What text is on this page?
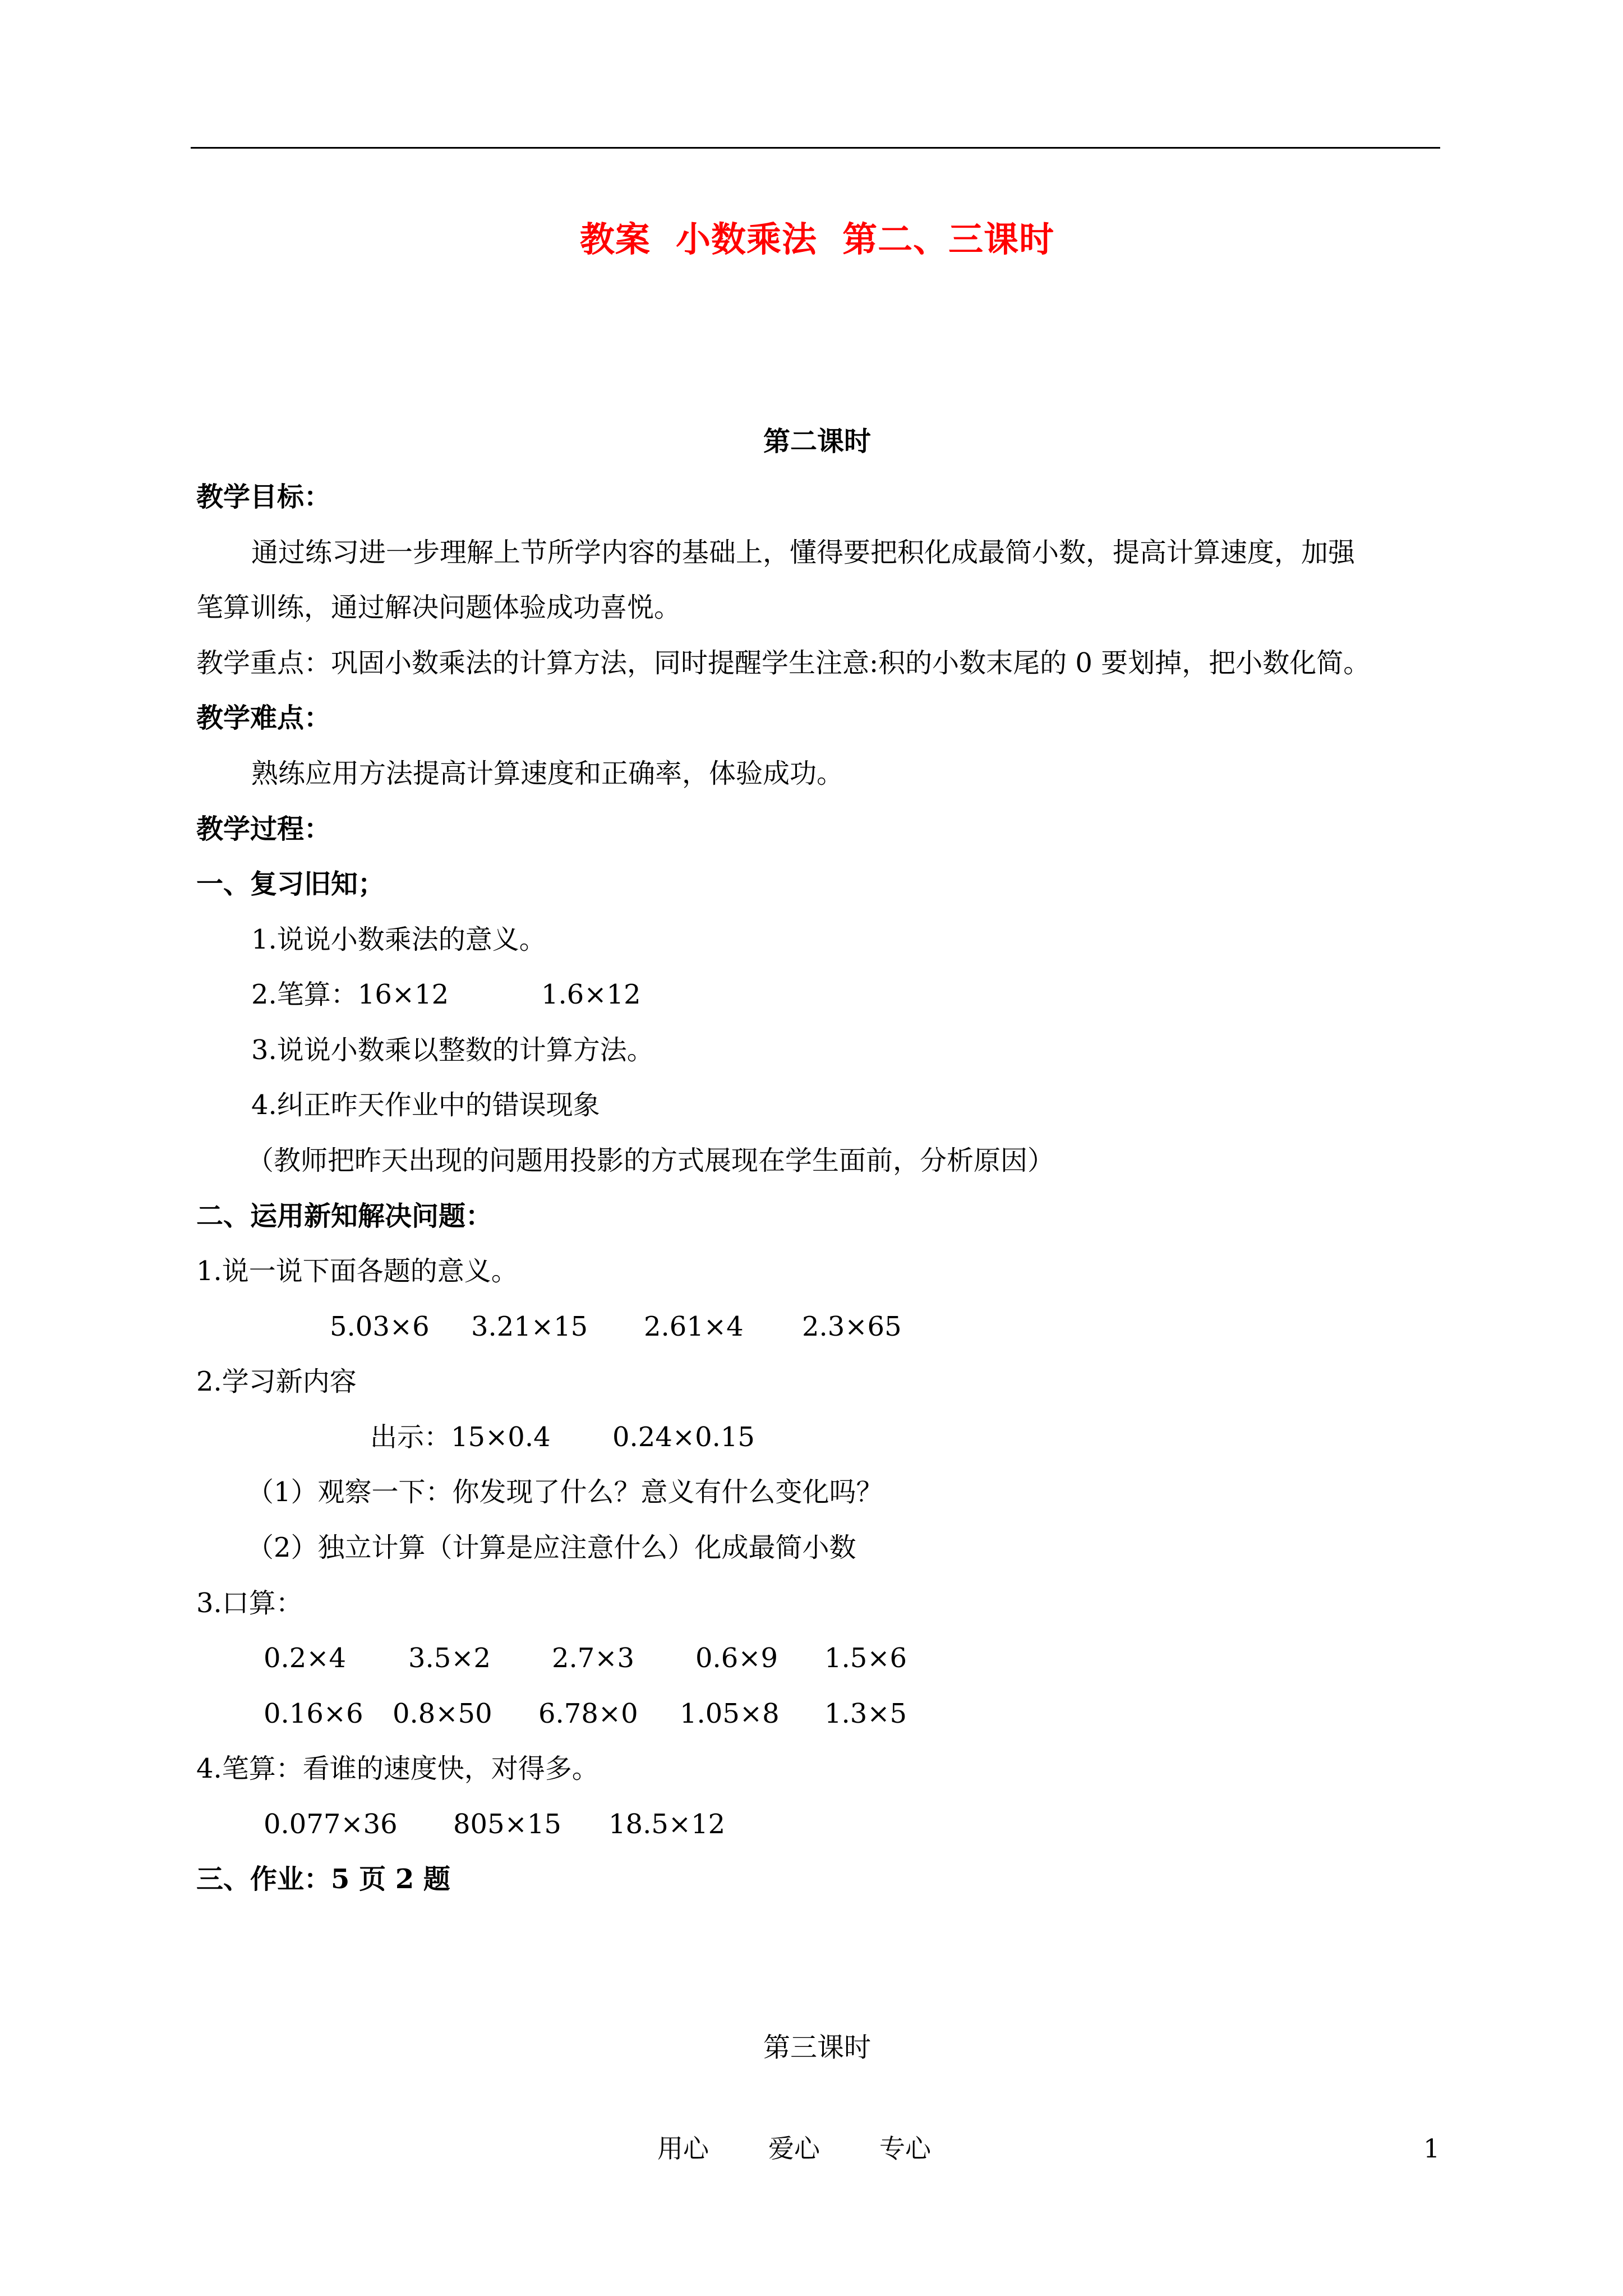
教案  小数乘法  第二、三课时
第二课时
教学目标：
通过练习进一步理解上节所学内容的基础上，懂得要把积化成最简小数，提高计算速度，加强
笔算训练，通过解决问题体验成功喜悦。
教学重点：巩固小数乘法的计算方法，同时提醒学生注意:积的小数末尾的 0 要划掉，把小数化简。
教学难点：
熟练应用方法提高计算速度和正确率，体验成功。
教学过程：
一、复习旧知；
1.说说小数乘法的意义。
2.笔算：16×12	1.6×12
3.说说小数乘以整数的计算方法。
4.纠正昨天作业中的错误现象
（教师把昨天出现的问题用投影的方式展现在学生面前，分析原因）
二、运用新知解决问题：
1.说一说下面各题的意义。
5.03×6 3.21×15 2.61×4 2.3×65
2.学习新内容
出示：15×0.4 0.24×0.15
（1）观察一下：你发现了什么？意义有什么变化吗？
（2）独立计算（计算是应注意什么）化成最简小数
3.口算：
0.2×4 3.5×2 2.7×3 0.6×9 1.5×6
0.16×6 0.8×50 6.78×0 1.05×8 1.3×5
4.笔算：看谁的速度快，对得多。
0.077×36 805×15 18.5×12
三、作业：5 页 2 题
第三课时
用心 爱心 专心	1
